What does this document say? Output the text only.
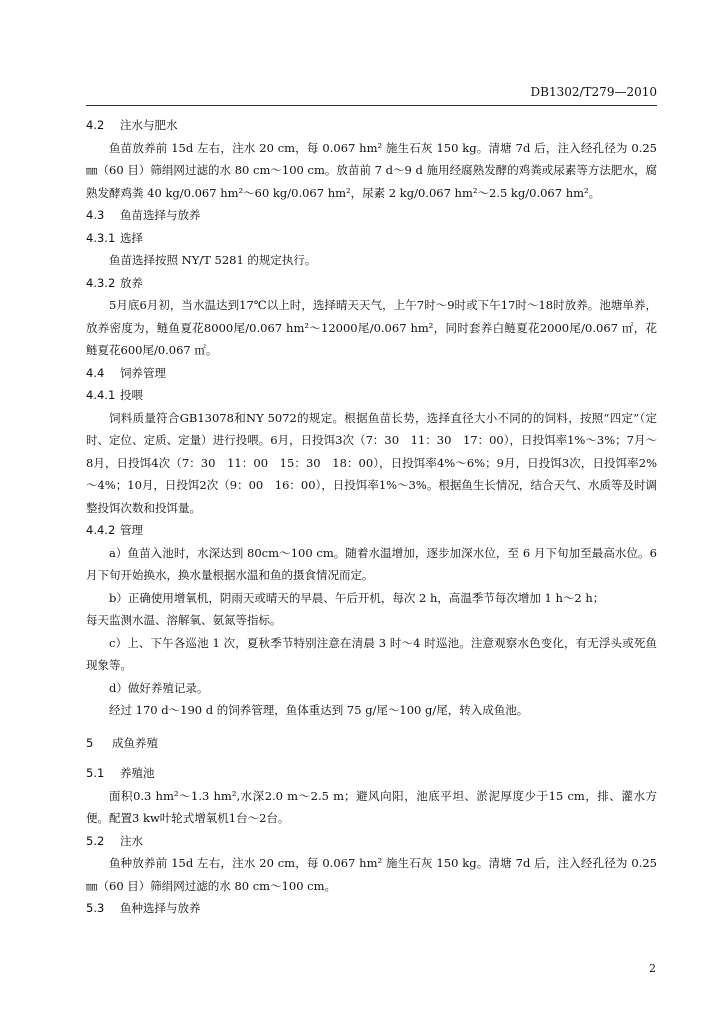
DB1302/T279—2010
4.2 注水与肥水
鱼苗放养前 15d 左右，注水 20 cm，每 0.067 hm² 施生石灰 150 kg。清塘 7d 后，注入经孔径为 0.25 ㎜（60 目）筛绢网过滤的水 80 cm～100 cm。放苗前 7 d～9 d 施用经腐熟发酵的鸡粪或尿素等方法肥水，腐熟发酵鸡粪 40 kg/0.067 hm²～60 kg/0.067 hm²，尿素 2 kg/0.067 hm²～2.5 kg/0.067 hm²。
4.3 鱼苗选择与放养
4.3.1 选择
鱼苗选择按照 NY/T 5281 的规定执行。
4.3.2 放养
5月底6月初，当水温达到17℃以上时，选择晴天天气，上午7时～9时或下午17时～18时放养。池塘单养，放养密度为，鲢鱼夏花8000尾/0.067 hm²～12000尾/0.067 hm²，同时套养白鲢夏花2000尾/0.067 ㎡，花鲢夏花600尾/0.067 ㎡。
4.4 饲养管理
4.4.1 投喂
饲料质量符合GB13078和NY 5072的规定。根据鱼苗长势，选择直径大小不同的的饲料，按照“四定”（定时、定位、定质、定量）进行投喂。6月，日投饵3次（7：30　11：30　17：00），日投饵率1%～3%；7月～8月，日投饵4次（7：30　11：00　15：30　18：00），日投饵率4%～6%；9月，日投饵3次，日投饵率2%～4%；10月，日投饵2次（9：00　16：00），日投饵率1%～3%。根据鱼生长情况，结合天气、水质等及时调整投饵次数和投饵量。
4.4.2 管理
a）鱼苗入池时，水深达到 80cm～100 cm。随着水温增加，逐步加深水位，至 6 月下旬加至最高水位。6 月下旬开始换水，换水量根据水温和鱼的摄食情况而定。
b）正确使用增氧机，阴雨天或晴天的早晨、午后开机，每次 2 h，高温季节每次增加 1 h～2 h；
每天监测水温、溶解氧、氨氮等指标。
c）上、下午各巡池 1 次，夏秋季节特别注意在清晨 3 时～4 时巡池。注意观察水色变化，有无浮头或死鱼现象等。
d）做好养殖记录。
经过 170 d～190 d 的饲养管理，鱼体重达到 75 g/尾～100 g/尾，转入成鱼池。
5 成鱼养殖
5.1 养殖池
面积0.3 hm²～1.3 hm²,水深2.0 m～2.5 m；避风向阳，池底平坦、淤泥厚度少于15 cm，排、灌水方便。配置3 kw叶轮式增氧机1台～2台。
5.2 注水
鱼种放养前 15d 左右，注水 20 cm，每 0.067 hm² 施生石灰 150 kg。清塘 7d 后，注入经孔径为 0.25 ㎜（60 目）筛绢网过滤的水 80 cm～100 cm。
5.3 鱼种选择与放养
2
